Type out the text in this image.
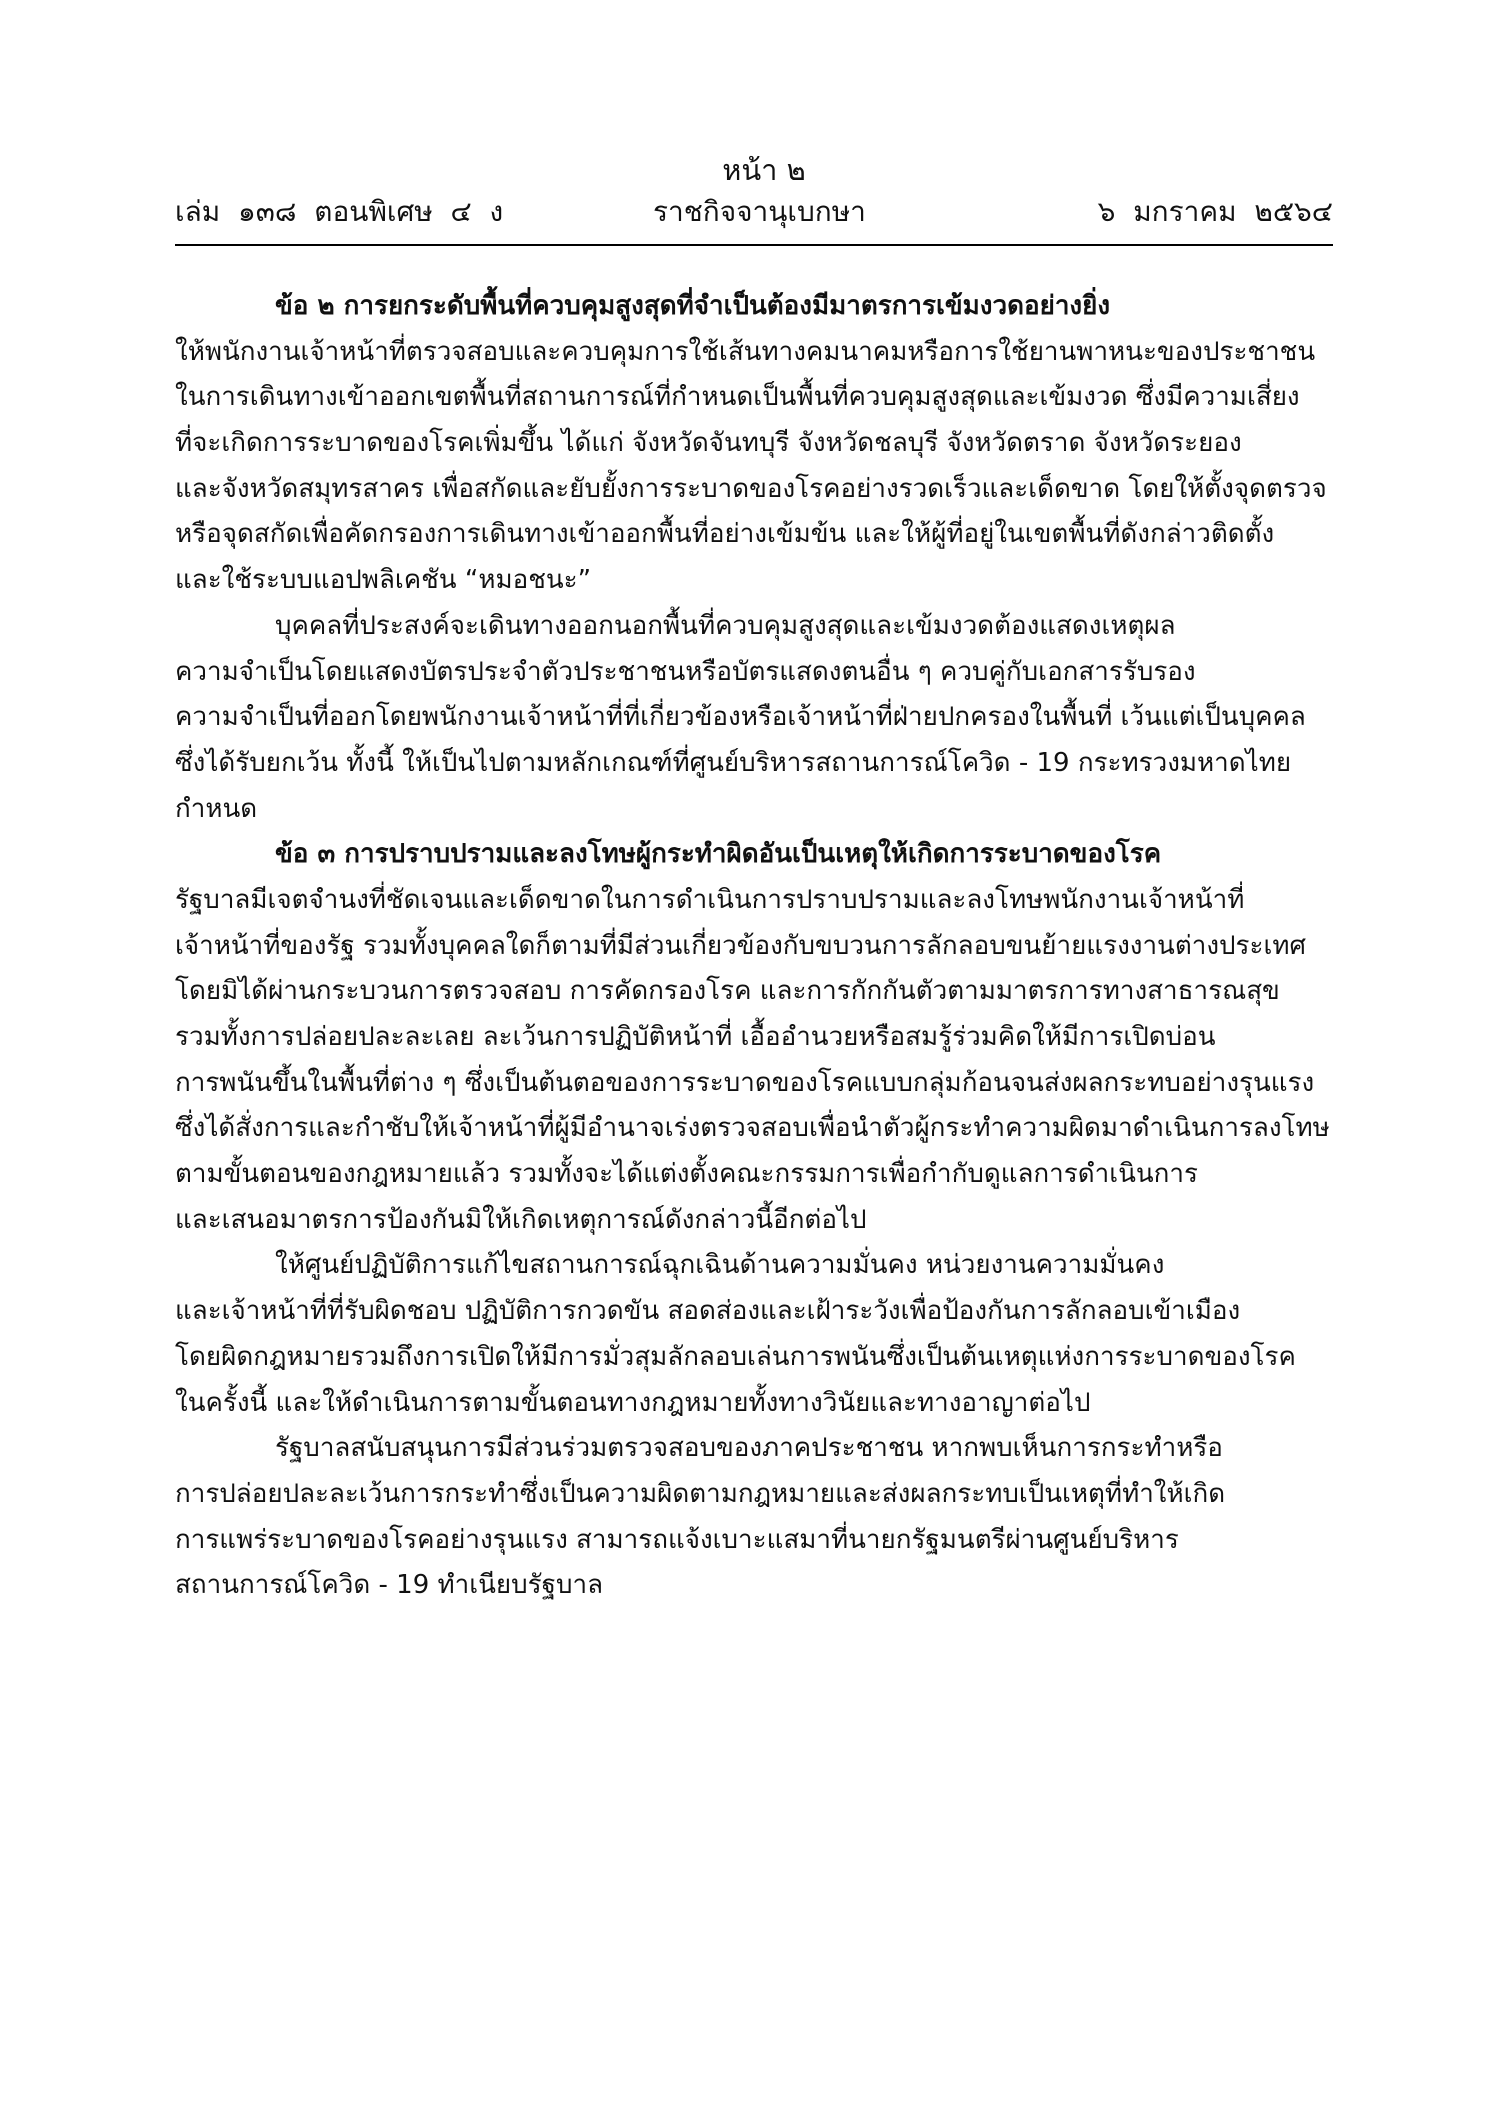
หน้า ๒
เล่ม  ๑๓๘  ตอนพิเศษ  ๔  ง	ราชกิจจานุเบกษา	๖  มกราคม  ๒๕๖๔
ข้อ ๒ การยกระดับพื้นที่ควบคุมสูงสุดที่จำเป็นต้องมีมาตรการเข้มงวดอย่างยิ่ง
ให้พนักงานเจ้าหน้าที่ตรวจสอบและควบคุมการใช้เส้นทางคมนาคมหรือการใช้ยานพาหนะของประชาชน
ในการเดินทางเข้าออกเขตพื้นที่สถานการณ์ที่กำหนดเป็นพื้นที่ควบคุมสูงสุดและเข้มงวด ซึ่งมีความเสี่ยง
ที่จะเกิดการระบาดของโรคเพิ่มขึ้น ได้แก่ จังหวัดจันทบุรี จังหวัดชลบุรี จังหวัดตราด จังหวัดระยอง
และจังหวัดสมุทรสาคร เพื่อสกัดและยับยั้งการระบาดของโรคอย่างรวดเร็วและเด็ดขาด โดยให้ตั้งจุดตรวจ
หรือจุดสกัดเพื่อคัดกรองการเดินทางเข้าออกพื้นที่อย่างเข้มข้น และให้ผู้ที่อยู่ในเขตพื้นที่ดังกล่าวติดตั้ง
และใช้ระบบแอปพลิเคชัน “หมอชนะ”
บุคคลที่ประสงค์จะเดินทางออกนอกพื้นที่ควบคุมสูงสุดและเข้มงวดต้องแสดงเหตุผล
ความจำเป็นโดยแสดงบัตรประจำตัวประชาชนหรือบัตรแสดงตนอื่น ๆ ควบคู่กับเอกสารรับรอง
ความจำเป็นที่ออกโดยพนักงานเจ้าหน้าที่ที่เกี่ยวข้องหรือเจ้าหน้าที่ฝ่ายปกครองในพื้นที่ เว้นแต่เป็นบุคคล
ซึ่งได้รับยกเว้น ทั้งนี้ ให้เป็นไปตามหลักเกณฑ์ที่ศูนย์บริหารสถานการณ์โควิด - 19 กระทรวงมหาดไทย
กำหนด
ข้อ ๓ การปราบปรามและลงโทษผู้กระทำผิดอันเป็นเหตุให้เกิดการระบาดของโรค
รัฐบาลมีเจตจำนงที่ชัดเจนและเด็ดขาดในการดำเนินการปราบปรามและลงโทษพนักงานเจ้าหน้าที่
เจ้าหน้าที่ของรัฐ รวมทั้งบุคคลใดก็ตามที่มีส่วนเกี่ยวข้องกับขบวนการลักลอบขนย้ายแรงงานต่างประเทศ
โดยมิได้ผ่านกระบวนการตรวจสอบ การคัดกรองโรค และการกักกันตัวตามมาตรการทางสาธารณสุข
รวมทั้งการปล่อยปละละเลย ละเว้นการปฏิบัติหน้าที่ เอื้ออำนวยหรือสมรู้ร่วมคิดให้มีการเปิดบ่อน
การพนันขึ้นในพื้นที่ต่าง ๆ ซึ่งเป็นต้นตอของการระบาดของโรคแบบกลุ่มก้อนจนส่งผลกระทบอย่างรุนแรง
ซึ่งได้สั่งการและกำชับให้เจ้าหน้าที่ผู้มีอำนาจเร่งตรวจสอบเพื่อนำตัวผู้กระทำความผิดมาดำเนินการลงโทษ
ตามขั้นตอนของกฎหมายแล้ว รวมทั้งจะได้แต่งตั้งคณะกรรมการเพื่อกำกับดูแลการดำเนินการ
และเสนอมาตรการป้องกันมิให้เกิดเหตุการณ์ดังกล่าวนี้อีกต่อไป
ให้ศูนย์ปฏิบัติการแก้ไขสถานการณ์ฉุกเฉินด้านความมั่นคง หน่วยงานความมั่นคง
และเจ้าหน้าที่ที่รับผิดชอบ ปฏิบัติการกวดขัน สอดส่องและเฝ้าระวังเพื่อป้องกันการลักลอบเข้าเมือง
โดยผิดกฎหมายรวมถึงการเปิดให้มีการมั่วสุมลักลอบเล่นการพนันซึ่งเป็นต้นเหตุแห่งการระบาดของโรค
ในครั้งนี้ และให้ดำเนินการตามขั้นตอนทางกฎหมายทั้งทางวินัยและทางอาญาต่อไป
รัฐบาลสนับสนุนการมีส่วนร่วมตรวจสอบของภาคประชาชน หากพบเห็นการกระทำหรือ
การปล่อยปละละเว้นการกระทำซึ่งเป็นความผิดตามกฎหมายและส่งผลกระทบเป็นเหตุที่ทำให้เกิด
การแพร่ระบาดของโรคอย่างรุนแรง สามารถแจ้งเบาะแสมาที่นายกรัฐมนตรีผ่านศูนย์บริหาร
สถานการณ์โควิด - 19 ทำเนียบรัฐบาล
